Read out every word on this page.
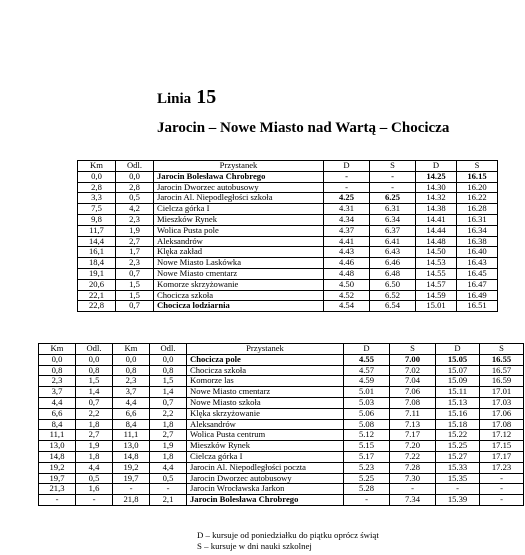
Linia 15
Jarocin – Nowe Miasto nad Wartą – Chocicza
Km	Odl.	Przystanek	D	S	D	S
0,0	0,0	Jarocin Bolesława Chrobrego	-	-	14.25	16.15
2,8	2,8	Jarocin Dworzec autobusowy	-	-	14.30	16.20
3,3	0,5	Jarocin Al. Niepodległości szkoła	4.25	6.25	14.32	16.22
7,5	4,2	Cielcza górka I	4.31	6.31	14.38	16.28
9,8	2,3	Mieszków Rynek	4.34	6.34	14.41	16.31
11,7	1,9	Wolica Pusta pole	4.37	6.37	14.44	16.34
14,4	2,7	Aleksandrów	4.41	6.41	14.48	16.38
16,1	1,7	Klęka zakład	4.43	6.43	14.50	16.40
18,4	2,3	Nowe Miasto Laskówka	4.46	6.46	14.53	16.43
19,1	0,7	Nowe Miasto cmentarz	4.48	6.48	14.55	16.45
20,6	1,5	Komorze skrzyżowanie	4.50	6.50	14.57	16.47
22,1	1,5	Chocicza szkoła	4.52	6.52	14.59	16.49
22,8	0,7	Chocicza lodziarnia	4.54	6.54	15.01	16.51
Km	Odl.	Km	Odl.	Przystanek	D	S	D	S
0,0	0,0	0,0	0,0	Chocicza pole	4.55	7.00	15.05	16.55
0,8	0,8	0,8	0,8	Chocicza szkoła	4.57	7.02	15.07	16.57
2,3	1,5	2,3	1,5	Komorze las	4.59	7.04	15.09	16.59
3,7	1,4	3,7	1,4	Nowe Miasto cmentarz	5.01	7.06	15.11	17.01
4,4	0,7	4,4	0,7	Nowe Miasto szkoła	5.03	7.08	15.13	17.03
6,6	2,2	6,6	2,2	Klęka skrzyżowanie	5.06	7.11	15.16	17.06
8,4	1,8	8,4	1,8	Aleksandrów	5.08	7.13	15.18	17.08
11,1	2,7	11,1	2,7	Wolica Pusta centrum	5.12	7.17	15.22	17.12
13,0	1,9	13,0	1,9	Mieszków Rynek	5.15	7.20	15.25	17.15
14,8	1,8	14,8	1,8	Cielcza górka I	5.17	7.22	15.27	17.17
19,2	4,4	19,2	4,4	Jarocin Al. Niepodległości poczta	5.23	7.28	15.33	17.23
19,7	0,5	19,7	0,5	Jarocin Dworzec autobusowy	5.25	7.30	15.35	-
21,3	1,6	-	-	Jarocin Wrocławska Jarkon	5.28	-	-	-
-	-	21,8	2,1	Jarocin Bolesława Chrobrego	-	7.34	15.39	-
D – kursuje od poniedziałku do piątku oprócz świąt
S – kursuje w dni nauki szkolnej
